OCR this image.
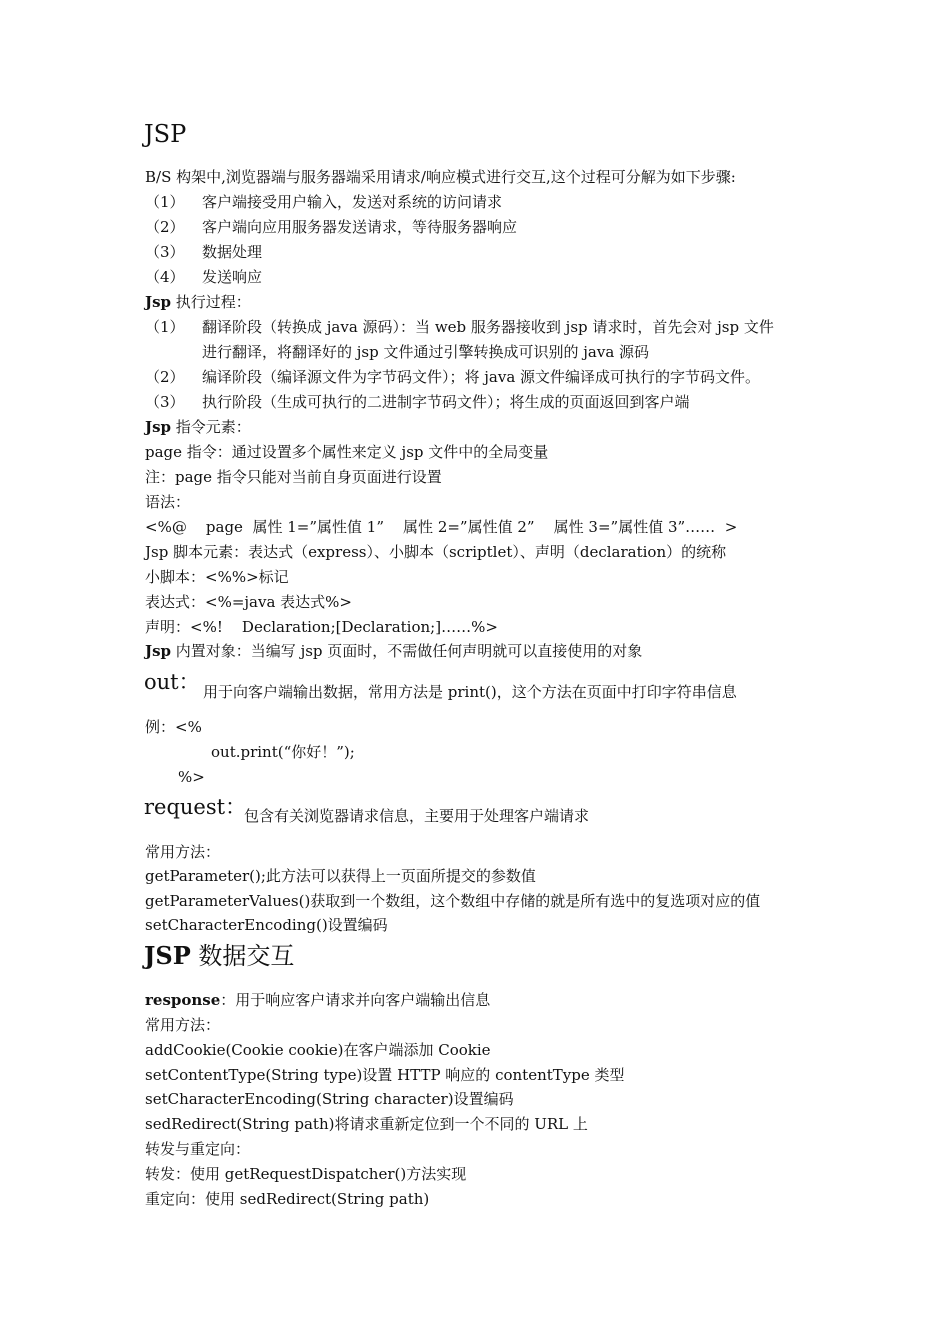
JSP
B/S 构架中,浏览器端与服务器端采用请求/响应模式进行交互,这个过程可分解为如下步骤:
（1） 客户端接受用户输入，发送对系统的访问请求
（2） 客户端向应用服务器发送请求，等待服务器响应
（3） 数据处理
（4） 发送响应
Jsp 执行过程：
（1） 翻译阶段（转换成 java 源码）：当 web 服务器接收到 jsp 请求时，首先会对 jsp 文件
进行翻译，将翻译好的 jsp 文件通过引擎转换成可识别的 java 源码
（2） 编译阶段（编译源文件为字节码文件）；将 java 源文件编译成可执行的字节码文件。
（3） 执行阶段（生成可执行的二进制字节码文件）；将生成的页面返回到客户端
Jsp 指令元素：
page 指令：通过设置多个属性来定义 jsp 文件中的全局变量
注：page 指令只能对当前自身页面进行设置
语法：
<%@    page  属性 1=”属性值 1”    属性 2=”属性值 2”    属性 3=”属性值 3”……  >
Jsp 脚本元素：表达式（express）、小脚本（scriptlet）、声明（declaration）的统称
小脚本：<%%>标记
表达式：<%=java 表达式%>
声明：<%!    Declaration;[Declaration;]……%>
Jsp 内置对象：当编写 jsp 页面时，不需做任何声明就可以直接使用的对象
out： 用于向客户端输出数据，常用方法是 print()，这个方法在页面中打印字符串信息
例：<%
out.print(“你好！”);
%>
request：
包含有关浏览器请求信息，主要用于处理客户端请求
常用方法：
getParameter();此方法可以获得上一页面所提交的参数值
getParameterValues()获取到一个数组，这个数组中存储的就是所有选中的复选项对应的值
setCharacterEncoding()设置编码
JSP 数据交互
response：用于响应客户请求并向客户端输出信息
常用方法：
addCookie(Cookie cookie)在客户端添加 Cookie
setContentType(String type)设置 HTTP 响应的 contentType 类型
setCharacterEncoding(String character)设置编码
sedRedirect(String path)将请求重新定位到一个不同的 URL 上
转发与重定向：
转发：使用 getRequestDispatcher()方法实现
重定向：使用 sedRedirect(String path)
